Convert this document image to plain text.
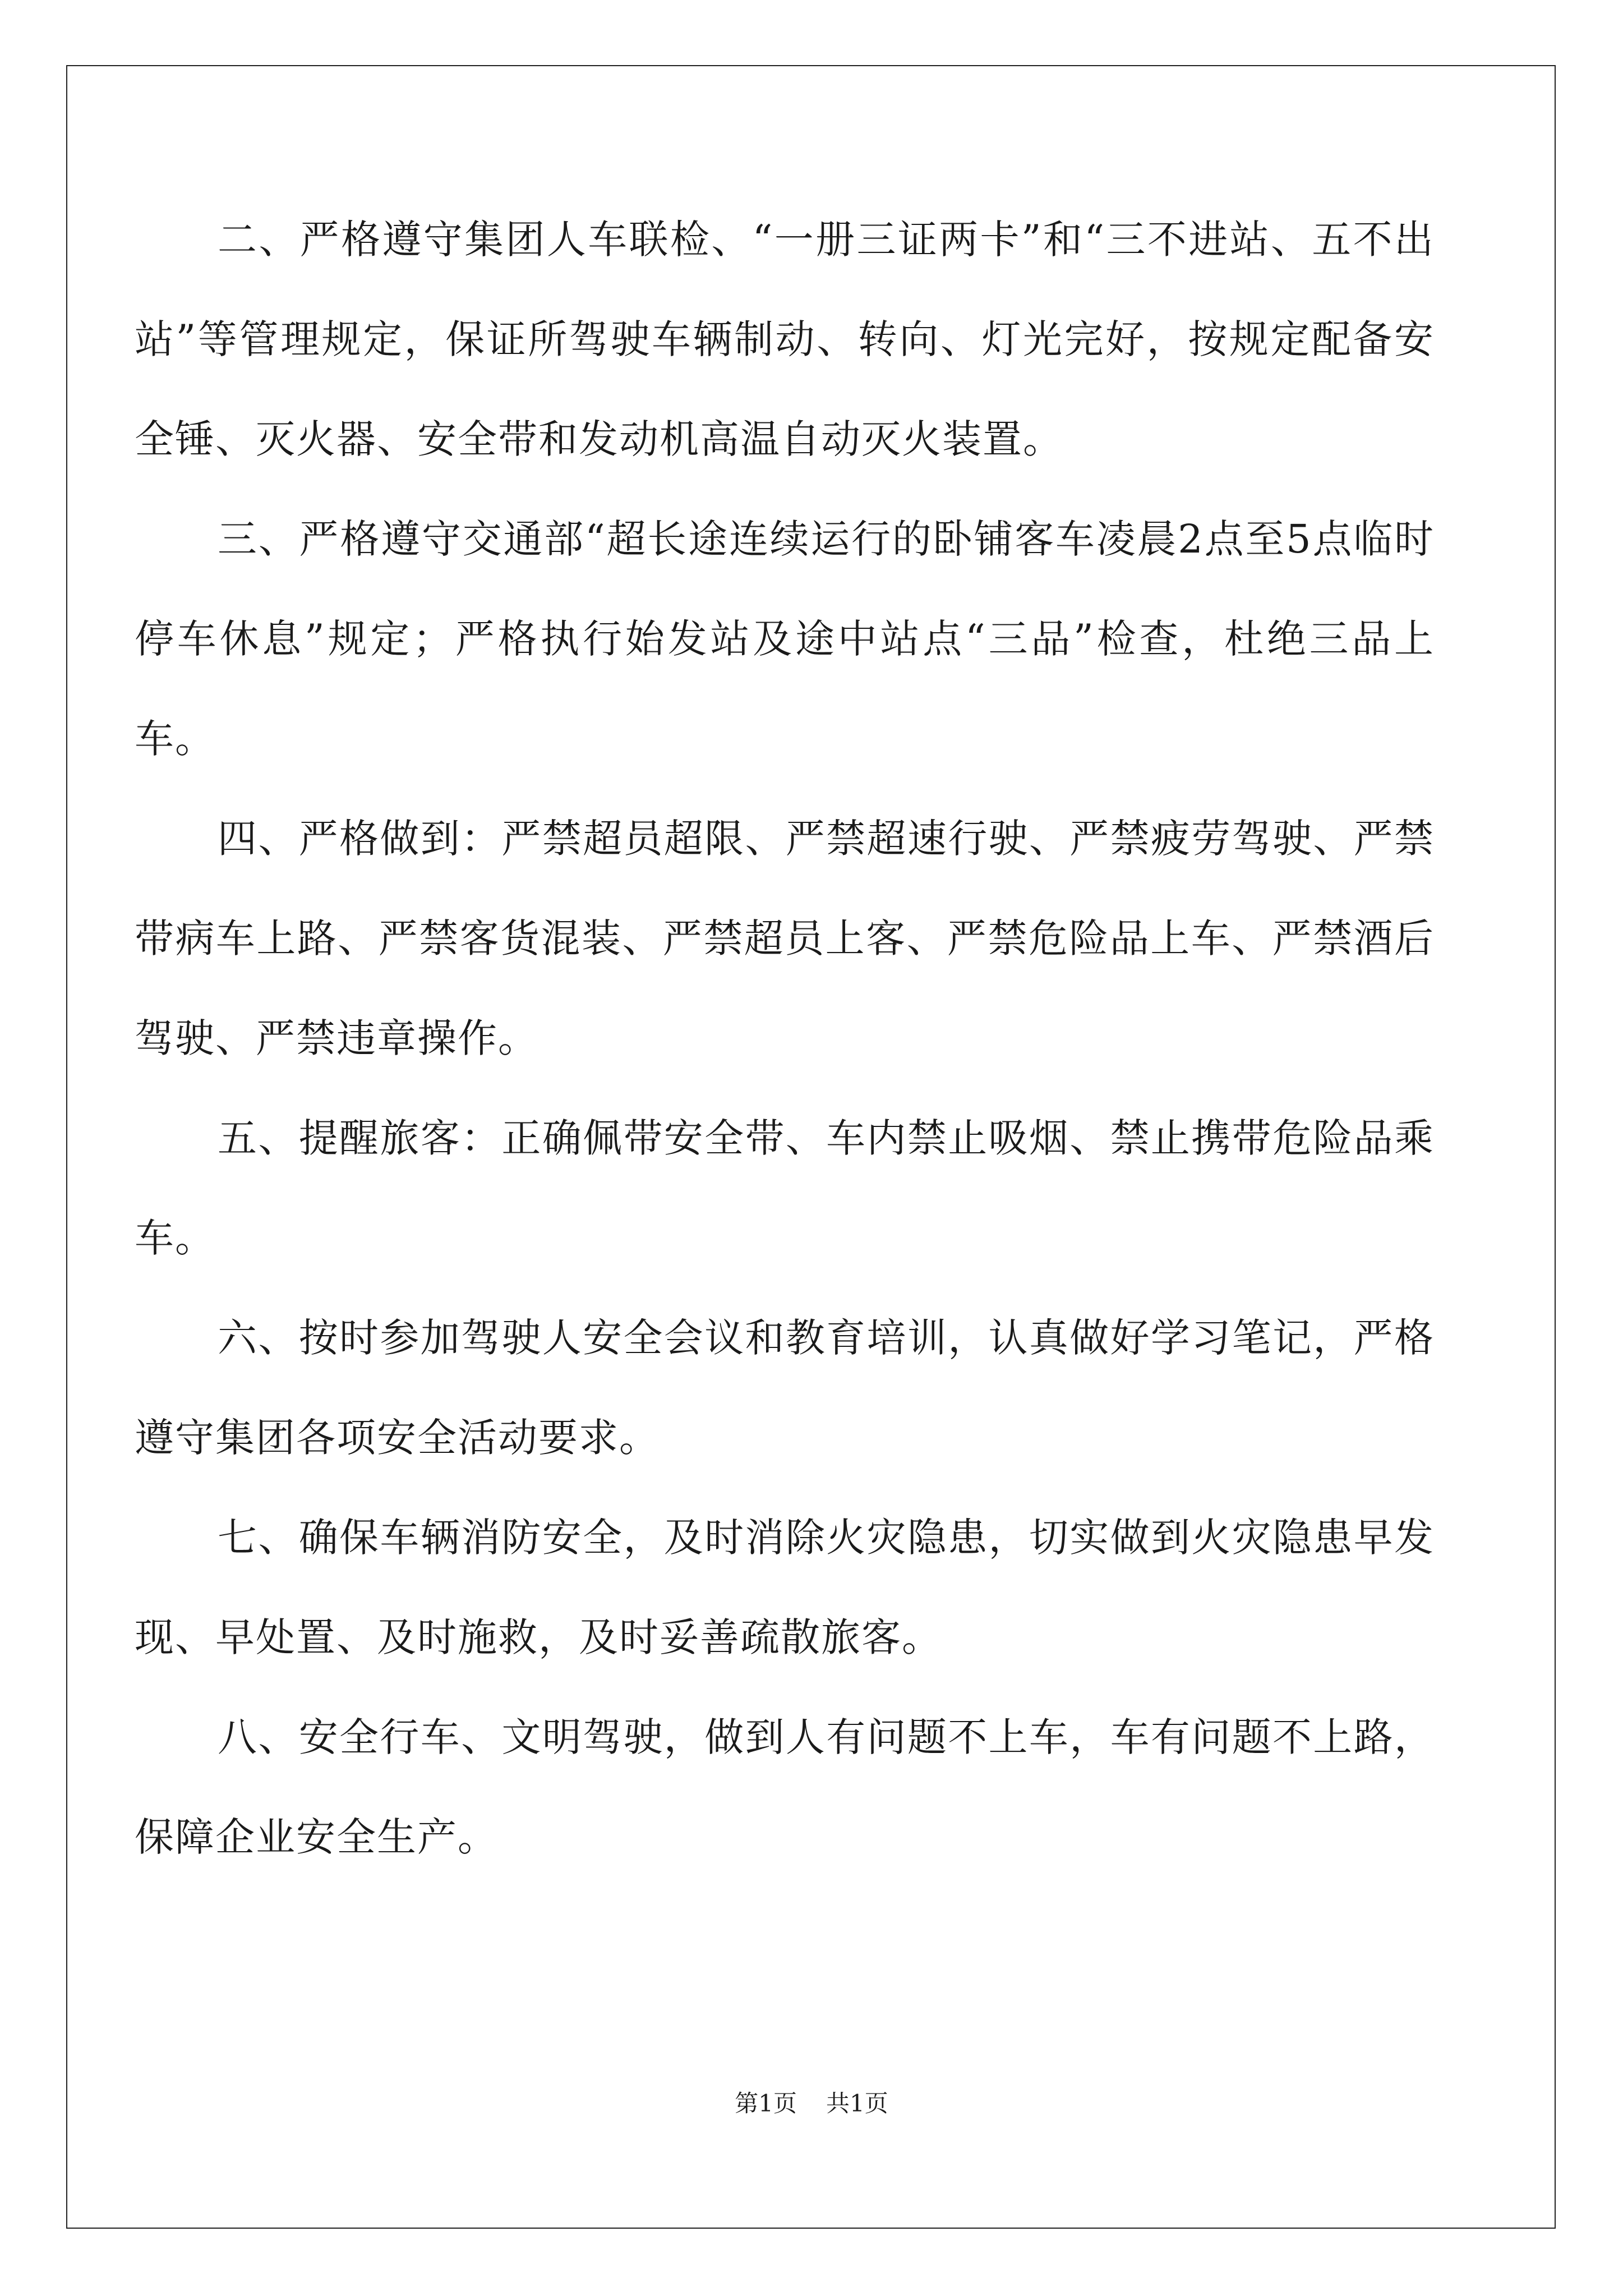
二、严格遵守集团人车联检、“一册三证两卡”和“三不进站、五不出站”等管理规定，保证所驾驶车辆制动、转向、灯光完好，按规定配备安全锤、灭火器、安全带和发动机高温自动灭火装置。

三、严格遵守交通部“超长途连续运行的卧铺客车凌晨2点至5点临时停车休息”规定；严格执行始发站及途中站点“三品”检查，杜绝三品上车。

四、严格做到：严禁超员超限、严禁超速行驶、严禁疲劳驾驶、严禁带病车上路、严禁客货混装、严禁超员上客、严禁危险品上车、严禁酒后驾驶、严禁违章操作。

五、提醒旅客：正确佩带安全带、车内禁止吸烟、禁止携带危险品乘车。

六、按时参加驾驶人安全会议和教育培训，认真做好学习笔记，严格遵守集团各项安全活动要求。

七、确保车辆消防安全，及时消除火灾隐患，切实做到火灾隐患早发现、早处置、及时施救，及时妥善疏散旅客。

八、安全行车、文明驾驶，做到人有问题不上车，车有问题不上路，保障企业安全生产。

第1页 共1页
